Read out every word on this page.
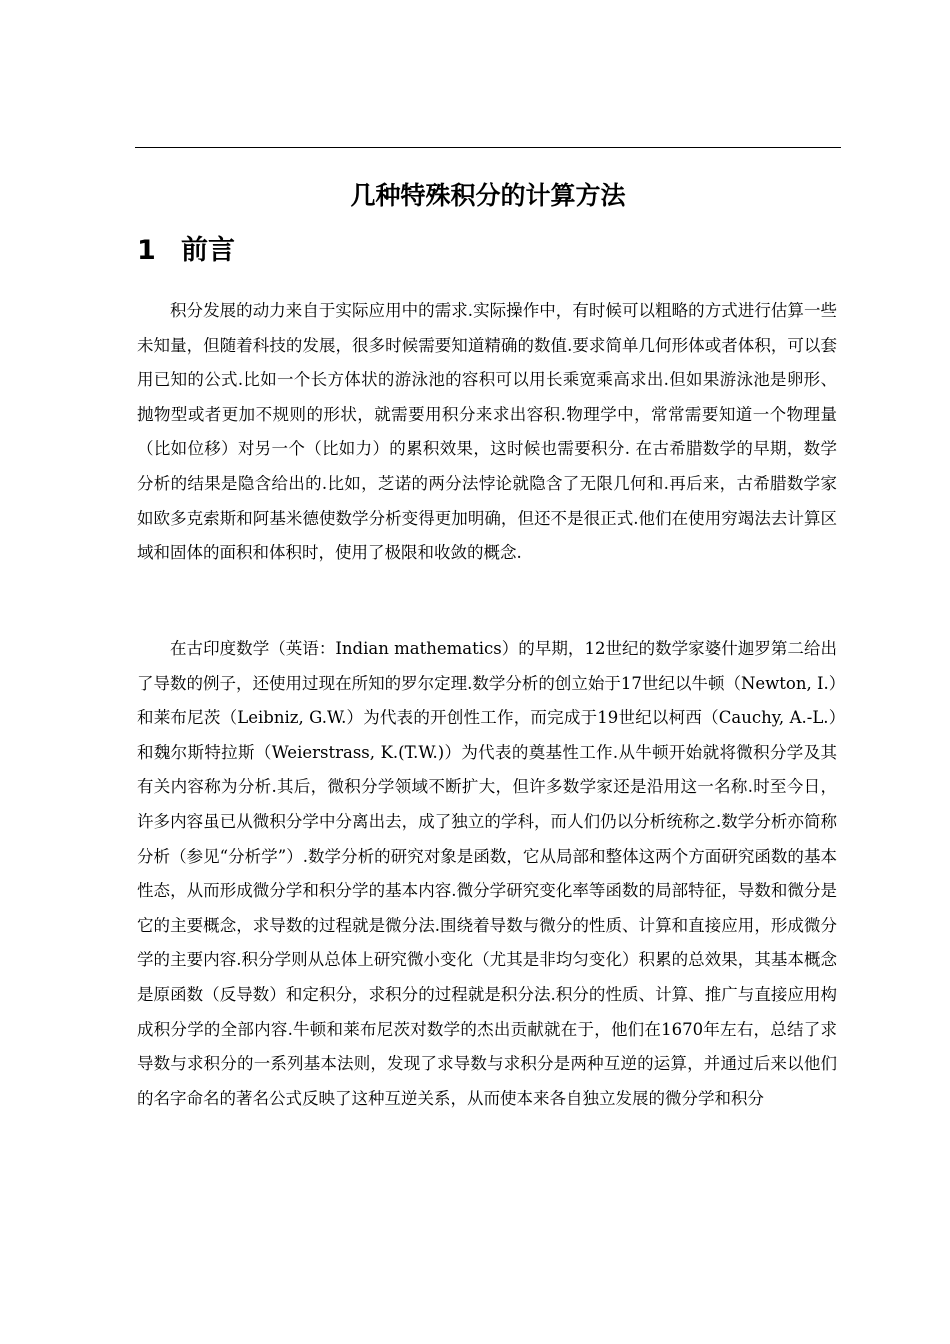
几种特殊积分的计算方法
1 前言

积分发展的动力来自于实际应用中的需求.实际操作中，有时候可以粗略的方式进行估算一些未知量，但随着科技的发展，很多时候需要知道精确的数值.要求简单几何形体或者体积，可以套用已知的公式.比如一个长方体状的游泳池的容积可以用长乘宽乘高求出.但如果游泳池是卵形、抛物型或者更加不规则的形状，就需要用积分来求出容积.物理学中，常常需要知道一个物理量（比如位移）对另一个（比如力）的累积效果，这时候也需要积分. 在古希腊数学的早期，数学分析的结果是隐含给出的.比如，芝诺的两分法悖论就隐含了无限几何和.再后来，古希腊数学家如欧多克索斯和阿基米德使数学分析变得更加明确，但还不是很正式.他们在使用穷竭法去计算区域和固体的面积和体积时，使用了极限和收敛的概念.

在古印度数学（英语：Indian mathematics）的早期，12世纪的数学家婆什迦罗第二给出了导数的例子，还使用过现在所知的罗尔定理.数学分析的创立始于17世纪以牛顿（Newton, I.）和莱布尼茨（Leibniz, G.W.）为代表的开创性工作，而完成于19世纪以柯西（Cauchy, A.-L.）和魏尔斯特拉斯（Weierstrass, K.(T.W.)）为代表的奠基性工作.从牛顿开始就将微积分学及其有关内容称为分析.其后，微积分学领域不断扩大，但许多数学家还是沿用这一名称.时至今日，许多内容虽已从微积分学中分离出去，成了独立的学科，而人们仍以分析统称之.数学分析亦简称分析（参见“分析学”）.数学分析的研究对象是函数，它从局部和整体这两个方面研究函数的基本性态，从而形成微分学和积分学的基本内容.微分学研究变化率等函数的局部特征，导数和微分是它的主要概念，求导数的过程就是微分法.围绕着导数与微分的性质、计算和直接应用，形成微分学的主要内容.积分学则从总体上研究微小变化（尤其是非均匀变化）积累的总效果，其基本概念是原函数（反导数）和定积分，求积分的过程就是积分法.积分的性质、计算、推广与直接应用构成积分学的全部内容.牛顿和莱布尼茨对数学的杰出贡献就在于，他们在1670年左右，总结了求导数与求积分的一系列基本法则，发现了求导数与求积分是两种互逆的运算，并通过后来以他们的名字命名的著名公式反映了这种互逆关系，从而使本来各自独立发展的微分学和积分
